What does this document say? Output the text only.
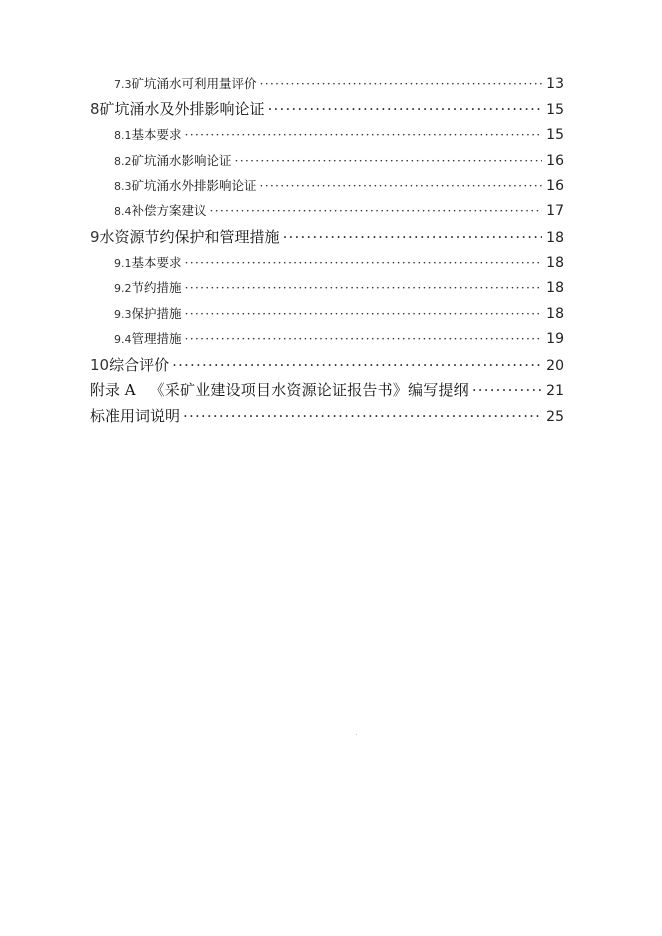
7.3 矿坑涌水可利用量评价 ·····	13
8 矿坑涌水及外排影响论证 ·····	15
8.1 基本要求 ·····	15
8.2 矿坑涌水影响论证 ·····	16
8.3 矿坑涌水外排影响论证 ·····	16
8.4 补偿方案建议 ·····	17
9 水资源节约保护和管理措施 ·····	18
9.1 基本要求 ·····	18
9.2 节约措施 ·····	18
9.3 保护措施 ·····	18
9.4 管理措施 ·····	19
10 综合评价 ·····	20
附录 A 《采矿业建设项目水资源论证报告书》编写提纲 ·····	21
标准用词说明 ·····	25
